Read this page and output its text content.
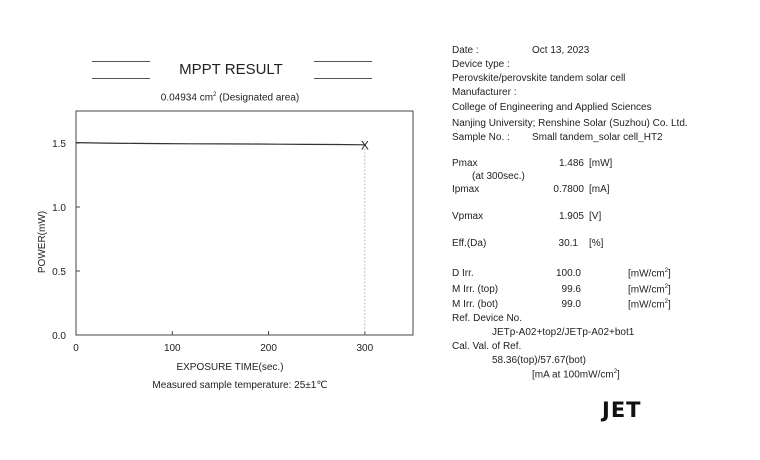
MPPT RESULT
0.04934 $cm^2$ (Designated area)
0	100	200	300
0.0
0.5
1.0
1.5	X
EXPOSURE TIME(sec.)
POWER(mW)
Measured sample temperature: 25±1℃
Date :	Oct 13, 2023
Device type :
Perovskite/perovskite tandem solar cell
Manufacturer :
College of Engineering and Applied Sciences
Nanjing University; Renshine Solar (Suzhou) Co. Ltd.
Sample No. : Small tandem_solar cell_HT2
Pmax	1.486 [mW]
(at 300sec.)
Ipmax	0.7800 [mA]
Vpmax	1.905 [V]
Eff.(Da)	30.1 [%]
D Irr.	100.0	$[mW/cm^2]$
M Irr. (top)	99.6	$[mW/cm^2]$
M Irr. (bot)	99.0	$[mW/cm^2]$
Ref. Device No.
JETp-A02+top2/JETp-A02+bot1
Cal. Val. of Ref.
58.36(top)/57.67(bot)
[mA at $100mW/cm^2$]
JET
